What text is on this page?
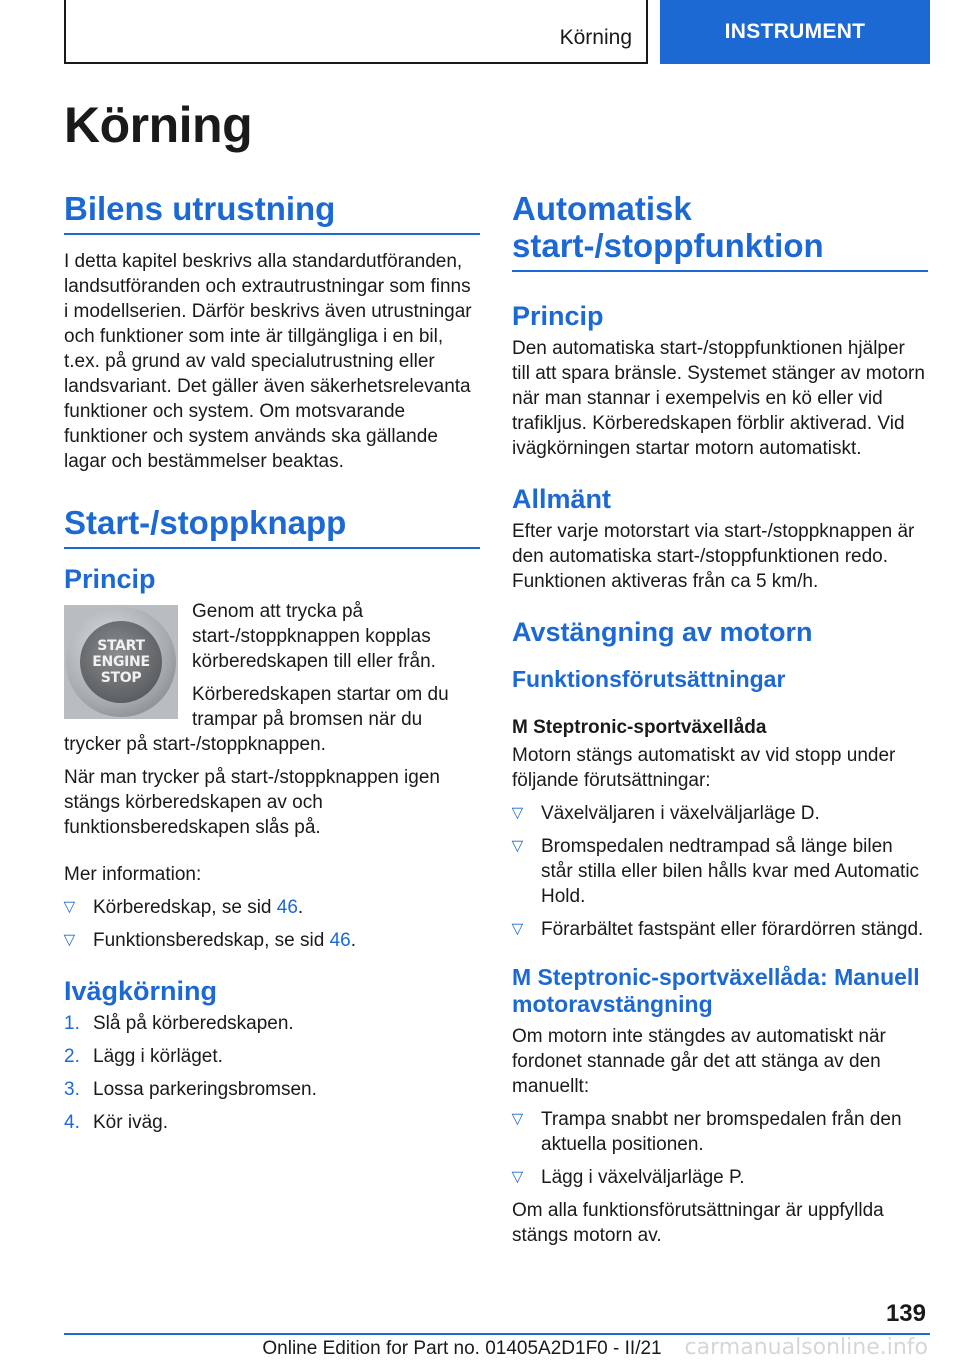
Körning	INSTRUMENT
Körning
Bilens utrustning

I detta kapitel beskrivs alla standardutföranden, landsutföranden och extrautrustningar som finns i modellserien. Därför beskrivs även utrustningar och funktioner som inte är tillgängliga i en bil, t.ex. på grund av vald specialutrustning eller landsvariant. Det gäller även säkerhetsrelevanta funktioner och system. Om motsvarande funktioner och system används ska gällande lagar och bestämmelser beaktas.

Start-/stoppknapp
Princip
START
ENGINE
STOP

Genom att trycka på start-/stoppknappen kopplas körberedskapen till eller från.

Körberedskapen startar om du trampar på bromsen när du trycker på start-/stoppknappen.

När man trycker på start-/stoppknappen igen stängs körberedskapen av och funktionsberedskapen slås på.

Mer information:

▷ Körberedskap, se sid 46.
▷ Funktionsberedskap, se sid 46.
Ivägkörning
1. Slå på körberedskapen.
2. Lägg i körläget.
3. Lossa parkeringsbromsen.
4. Kör iväg.
Automatisk start-/stoppfunktion
Princip

Den automatiska start-/stoppfunktionen hjälper till att spara bränsle. Systemet stänger av motorn när man stannar i exempelvis en kö eller vid trafikljus. Körberedskapen förblir aktiverad. Vid ivägkörningen startar motorn automatiskt.

Allmänt

Efter varje motorstart via start-/stoppknappen är den automatiska start-/stoppfunktionen redo. Funktionen aktiveras från ca 5 km/h.

Avstängning av motorn
Funktionsförutsättningar
M Steptronic-sportväxellåda

Motorn stängs automatiskt av vid stopp under följande förutsättningar:

▷ Växelväljaren i växelväljarläge D.
▷ Bromspedalen nedtrampad så länge bilen står stilla eller bilen hålls kvar med Automatic Hold.
▷ Förarbältet fastspänt eller förardörren stängd.
M Steptronic-sportväxellåda: Manuell motoravstängning

Om motorn inte stängdes av automatiskt när fordonet stannade går det att stänga av den manuellt:

▷ Trampa snabbt ner bromspedalen från den aktuella positionen.
▷ Lägg i växelväljarläge P.

Om alla funktionsförutsättningar är uppfyllda stängs motorn av.

139
Online Edition for Part no. 01405A2D1F0 - II/21	carmanualsonline.info
